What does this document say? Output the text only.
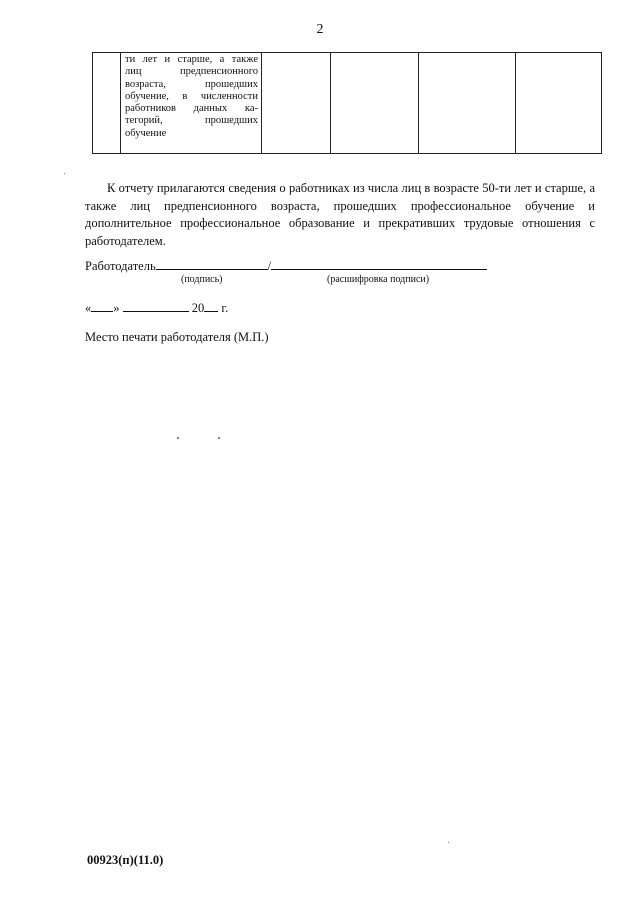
2

ти лет и старше, а также
лиц предпенсионного
возраста, прошедших
обучение, в численности
работников данных ка-
тегорий, прошедших
обучение

К отчету прилагаются сведения о работниках из числа лиц в возрасте 50-ти лет и старше, а также лиц предпенсионного возраста, прошедших профессиональное обучение и дополнительное профессиональное образование и прекративших трудовые отношения с работодателем.

Работодатель	/
(подпись)	(расшифровка подписи)
« »	20 г.
Место печати работодателя (М.П.)
00923(п)(11.0)
